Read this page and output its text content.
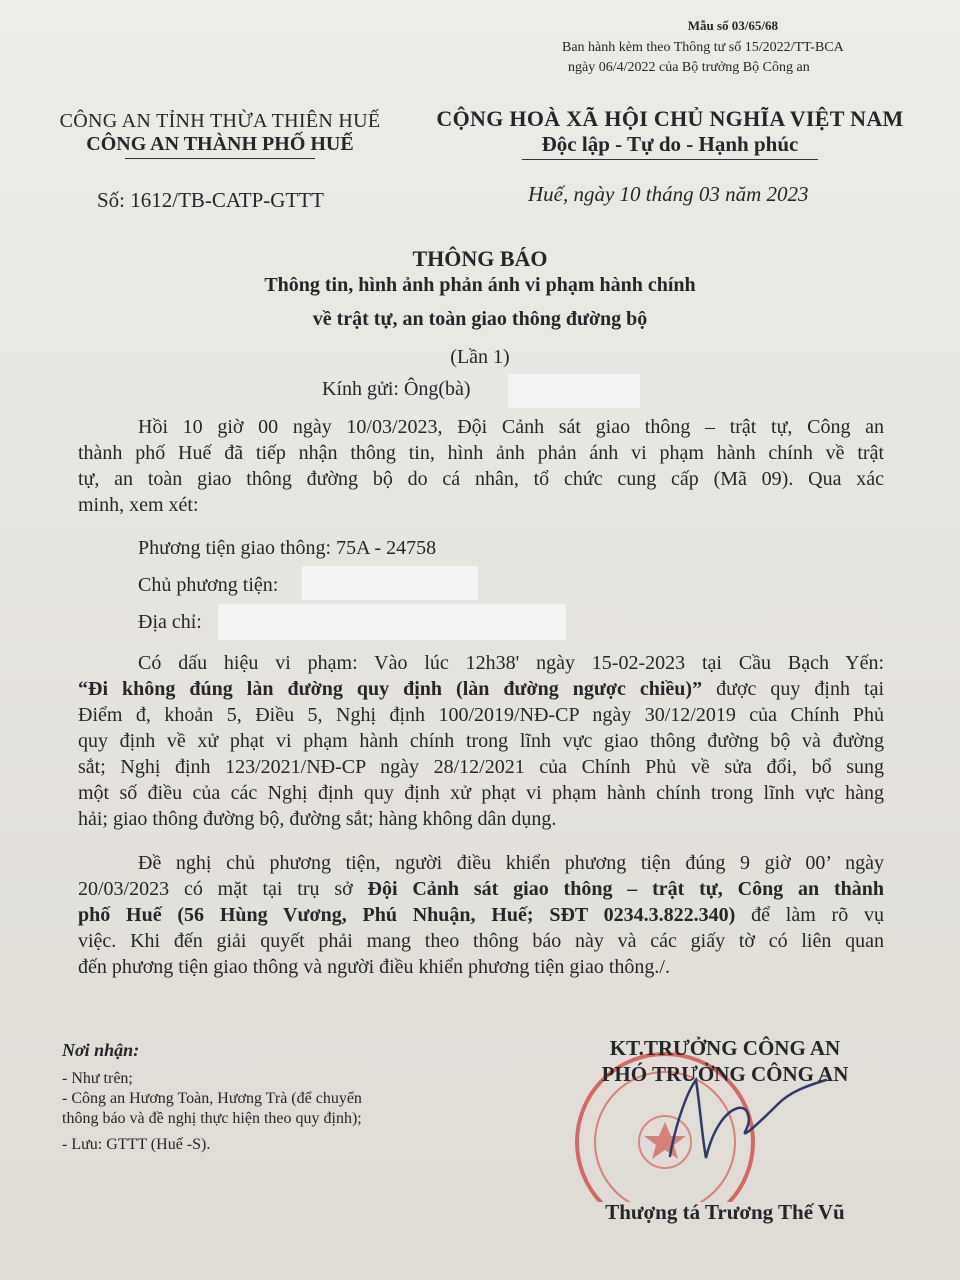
Mẫu số 03/65/68
Ban hành kèm theo Thông tư số 15/2022/TT-BCA
ngày 06/4/2022 của Bộ trưởng Bộ Công an
CÔNG AN TỈNH THỪA THIÊN HUẾ
CÔNG AN THÀNH PHỐ HUẾ
CỘNG HOÀ XÃ HỘI CHỦ NGHĨA VIỆT NAM
Độc lập - Tự do - Hạnh phúc
Số: 1612/TB-CATP-GTTT	Huế, ngày 10 tháng 03 năm 2023
THÔNG BÁO
Thông tin, hình ảnh phản ánh vi phạm hành chính
về trật tự, an toàn giao thông đường bộ
(Lần 1)
Kính gửi: Ông(bà)
Hồi 10 giờ 00 ngày 10/03/2023, Đội Cảnh sát giao thông – trật tự, Công an
thành phố Huế đã tiếp nhận thông tin, hình ảnh phản ánh vi phạm hành chính về trật
tự, an toàn giao thông đường bộ do cá nhân, tổ chức cung cấp (Mã 09). Qua xác
minh, xem xét:
Phương tiện giao thông: 75A - 24758
Chủ phương tiện:
Địa chỉ:
Có dấu hiệu vi phạm: Vào lúc 12h38' ngày 15-02-2023 tại Cầu Bạch Yến:
“Đi không đúng làn đường quy định (làn đường ngược chiều)” được quy định tại
Điểm đ, khoản 5, Điều 5, Nghị định 100/2019/NĐ-CP ngày 30/12/2019 của Chính Phủ
quy định về xử phạt vi phạm hành chính trong lĩnh vực giao thông đường bộ và đường
sắt; Nghị định 123/2021/NĐ-CP ngày 28/12/2021 của Chính Phủ về sửa đổi, bổ sung
một số điều của các Nghị định quy định xử phạt vi phạm hành chính trong lĩnh vực hàng
hải; giao thông đường bộ, đường sắt; hàng không dân dụng.
Đề nghị chủ phương tiện, người điều khiển phương tiện đúng 9 giờ 00’ ngày
20/03/2023 có mặt tại trụ sở Đội Cảnh sát giao thông – trật tự, Công an thành
phố Huế (56 Hùng Vương, Phú Nhuận, Huế; SĐT 0234.3.822.340) để làm rõ vụ
việc. Khi đến giải quyết phải mang theo thông báo này và các giấy tờ có liên quan
đến phương tiện giao thông và người điều khiển phương tiện giao thông./.
Nơi nhận:
- Như trên;
- Công an Hương Toàn, Hương Trà (để chuyển
thông báo và đề nghị thực hiện theo quy định);
- Lưu: GTTT (Huế -S).
KT.TRƯỞNG CÔNG AN
PHÓ TRƯỞNG CÔNG AN
Thượng tá Trương Thế Vũ
